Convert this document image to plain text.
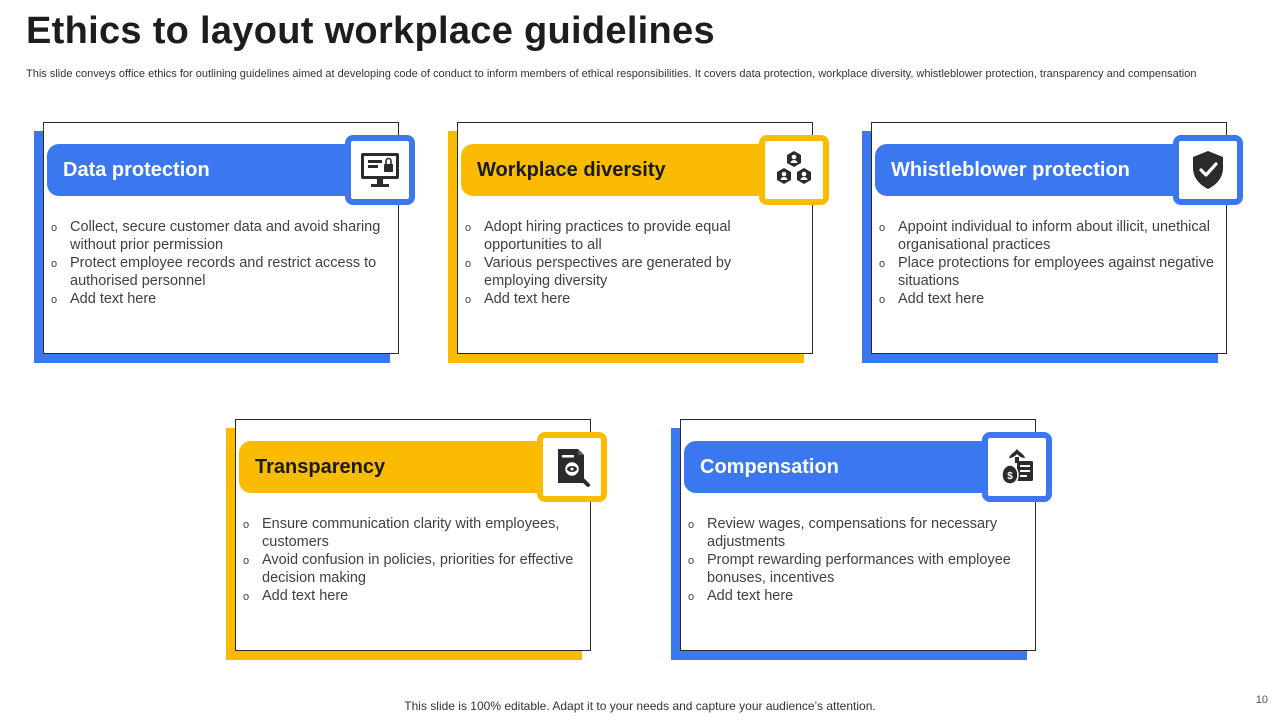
Ethics to layout workplace guidelines

This slide conveys office ethics for outlining guidelines aimed at developing code of conduct to inform members of ethical responsibilities. It covers data protection, workplace diversity, whistleblower protection, transparency and compensation

Data protection
o Collect, secure customer data and avoid sharing without prior permission
o Protect employee records and restrict access to authorised personnel
o Add text here
Workplace diversity
o Adopt hiring practices to provide equal opportunities to all
o Various perspectives are generated by employing diversity
o Add text here
Whistleblower protection
o Appoint individual to inform about illicit, unethical organisational practices
o Place protections for employees against negative situations
o Add text here
Transparency
o Ensure communication clarity with employees, customers
o Avoid confusion in policies, priorities for effective decision making
o Add text here
Compensation	$
o Review wages, compensations for necessary adjustments
o Prompt rewarding performances with employee bonuses, incentives
o Add text here
This slide is 100% editable. Adapt it to your needs and capture your audience’s attention.	10
